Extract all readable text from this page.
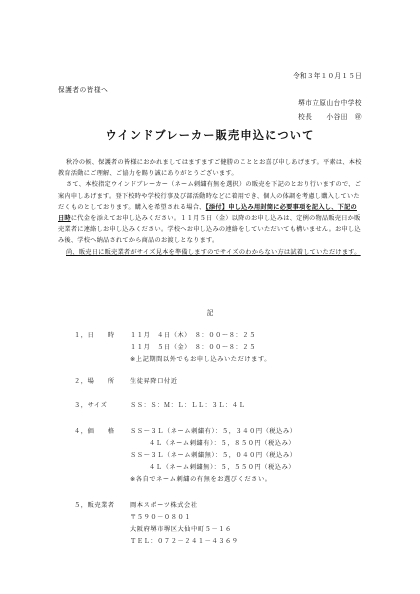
令和３年１０月１５日
保護者の皆様へ
堺市立原山台中学校
校長　　小谷田　㊞
ウインドブレーカー販売申込について

秋冷の候、保護者の皆様におかれましてはますますご健勝のこととお喜び申しあげます。平素は、本校教育活動にご理解、ご協力を賜り誠にありがとうございます。

さて、本校指定ウインドブレーカー（ネーム刺繍有無を選択）の販売を下記のとおり行いますので、ご案内申しあげます。登下校時や学校行事及び部活動時などに着用でき、個人の体調を考慮し購入していただくものとしております。購入を希望される場合、【添付】申し込み用封筒に必要事項を記入し、下記の日時に代金を添えてお申し込みください。１１月５日（金）以降のお申し込みは、定例の物品販売日か販売業者に連絡しお申し込みください。学校へお申し込みの連絡をしていただいても構いません。お申し込み後、学校へ納品されてから商品のお渡しとなります。

尚、販売日に販売業者がサイズ見本を準備しますのでサイズのわからない方は試着していただけます。

記
１，日　　時 １１月　４日（木）　８：００～８：２５
１１月　５日（金）　８：００～８：２５
※上記期間以外でもお申し込みいただけます。
２，場　　所 生徒昇降口付近
３，サイズ	ＳＳ：Ｓ：Ｍ：Ｌ：ＬＬ：３Ｌ：４Ｌ
４，価　　格 ＳＳ～３Ｌ（ネーム刺繍有）：５，３４０円（税込み）
４Ｌ（ネーム刺繍有）：５，８５０円（税込み）
ＳＳ～３Ｌ（ネーム刺繍無）：５，０４０円（税込み）
４Ｌ（ネーム刺繍無）：５，５５０円（税込み）
※各自でネーム刺繍の有無をお選びください。
５，販売業者 岡本スポーツ株式会社
〒５９０－０８０１
大阪府堺市堺区大仙中町５－１６
ＴＥＬ：０７２－２４１－４３６９
